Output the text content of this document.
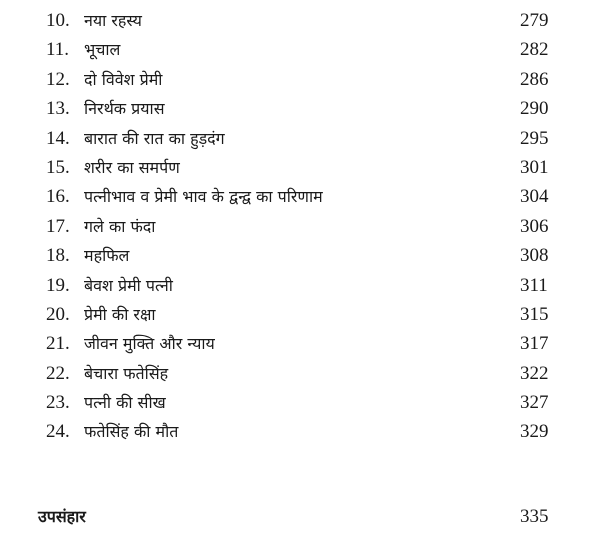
10. नया रहस्य	279
11. भूचाल	282
12. दो विवेश प्रेमी	286
13. निरर्थक प्रयास	290
14. बारात की रात का हुड़दंग	295
15. शरीर का समर्पण	301
16. पत्नीभाव व प्रेमी भाव के द्वन्द्व का परिणाम	304
17. गले का फंदा	306
18. महफिल	308
19. बेवश प्रेमी पत्नी	311
20. प्रेमी की रक्षा	315
21. जीवन मुक्ति और न्याय	317
22. बेचारा फतेसिंह	322
23. पत्नी की सीख	327
24. फतेसिंह की मौत	329
उपसंहार	335
